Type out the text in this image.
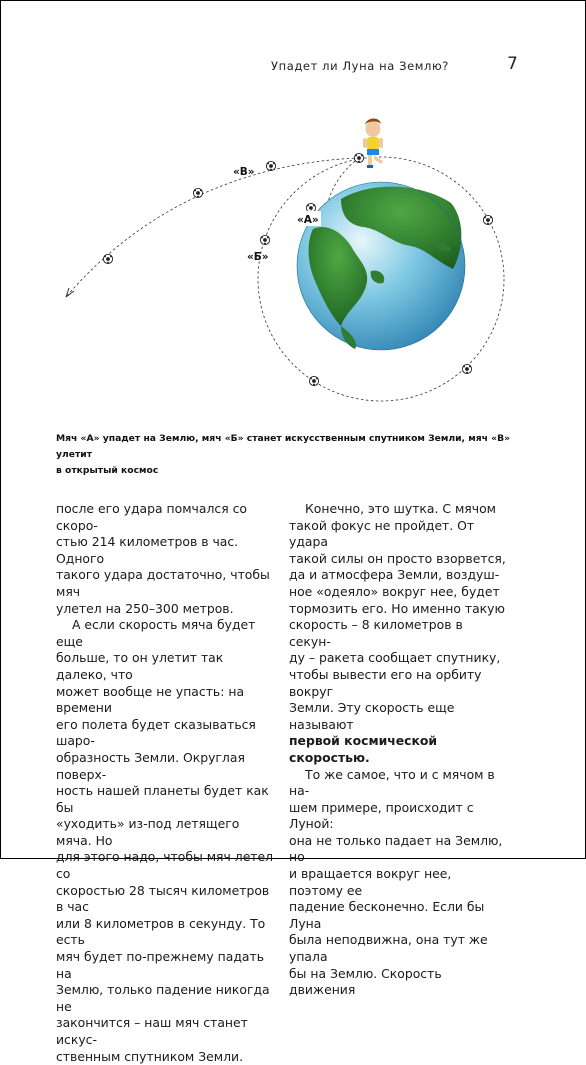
Упадет ли Луна на Землю?	7
«В»
«А»
«Б»
Мяч «А» упадет на Землю, мяч «Б» станет искусственным спутником Земли, мяч «В» улетит
в открытый космос
после его удара помчался со скоро-
стью 214 километров в час. Одного
такого удара достаточно, чтобы мяч
улетел на 250–300 метров.
А если скорость мяча будет еще
больше, то он улетит так далеко, что
может вообще не упасть: на времени
его полета будет сказываться шаро-
образность Земли. Округлая поверх-
ность нашей планеты будет как бы
«уходить» из-под летящего мяча. Но
для этого надо, чтобы мяч летел со
скоростью 28 тысяч километров в час
или 8 километров в секунду. То есть
мяч будет по-прежнему падать на
Землю, только падение никогда не
закончится – наш мяч станет искус-
ственным спутником Земли.
Конечно, это шутка. С мячом
такой фокус не пройдет. От удара
такой силы он просто взорвется,
да и атмосфера Земли, воздуш-
ное «одеяло» вокруг нее, будет
тормозить его. Но именно такую
скорость – 8 километров в секун-
ду – ракета сообщает спутнику,
чтобы вывести его на орбиту вокруг
Земли. Эту скорость еще называют
первой космической скоростью.
То же самое, что и с мячом в на-
шем примере, происходит с Луной:
она не только падает на Землю, но
и вращается вокруг нее, поэтому ее
падение бесконечно. Если бы Луна
была неподвижна, она тут же упала
бы на Землю. Скорость движения
